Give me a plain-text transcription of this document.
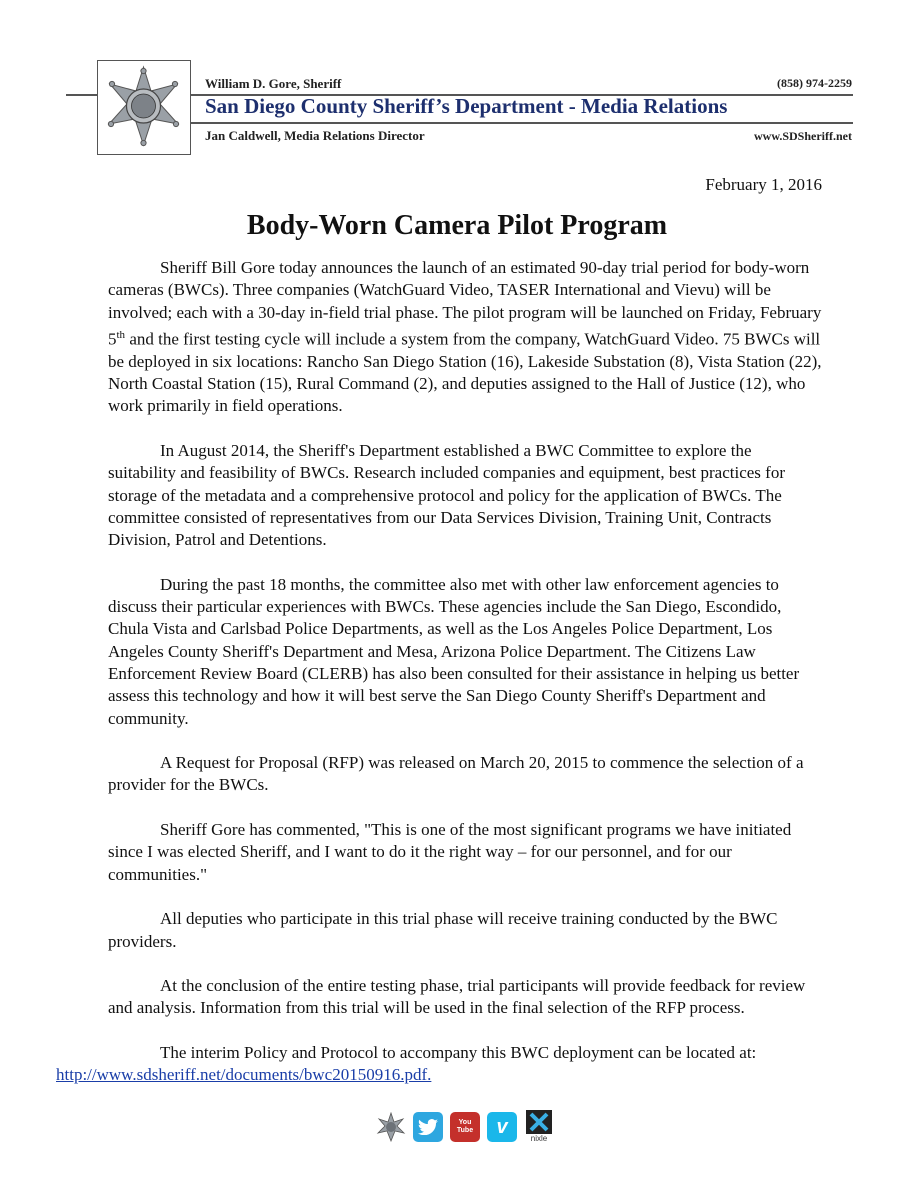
William D. Gore, Sheriff	(858) 974-2259
San Diego County Sheriff’s Department - Media Relations
Jan Caldwell, Media Relations Director	www.SDSheriff.net
February 1, 2016
Body-Worn Camera Pilot Program

Sheriff Bill Gore today announces the launch of an estimated 90-day trial period for body-worn cameras (BWCs). Three companies (WatchGuard Video, TASER International and Vievu) will be involved; each with a 30-day in-field trial phase. The pilot program will be launched on Friday, February 5th and the first testing cycle will include a system from the company, WatchGuard Video. 75 BWCs will be deployed in six locations: Rancho San Diego Station (16), Lakeside Substation (8), Vista Station (22), North Coastal Station (15), Rural Command (2), and deputies assigned to the Hall of Justice (12), who work primarily in field operations.

In August 2014, the Sheriff's Department established a BWC Committee to explore the suitability and feasibility of BWCs. Research included companies and equipment, best practices for storage of the metadata and a comprehensive protocol and policy for the application of BWCs. The committee consisted of representatives from our Data Services Division, Training Unit, Contracts Division, Patrol and Detentions.

During the past 18 months, the committee also met with other law enforcement agencies to discuss their particular experiences with BWCs. These agencies include the San Diego, Escondido, Chula Vista and Carlsbad Police Departments, as well as the Los Angeles Police Department, Los Angeles County Sheriff's Department and Mesa, Arizona Police Department. The Citizens Law Enforcement Review Board (CLERB) has also been consulted for their assistance in helping us better assess this technology and how it will best serve the San Diego County Sheriff's Department and community.

A Request for Proposal (RFP) was released on March 20, 2015 to commence the selection of a provider for the BWCs.

Sheriff Gore has commented, "This is one of the most significant programs we have initiated since I was elected Sheriff, and I want to do it the right way – for our personnel, and for our communities."

All deputies who participate in this trial phase will receive training conducted by the BWC providers.

At the conclusion of the entire testing phase, trial participants will provide feedback for review and analysis. Information from this trial will be used in the final selection of the RFP process.

The interim Policy and Protocol to accompany this BWC deployment can be located at:
http://www.sdsheriff.net/documents/bwc20150916.pdf.

You Tube v
nixle
